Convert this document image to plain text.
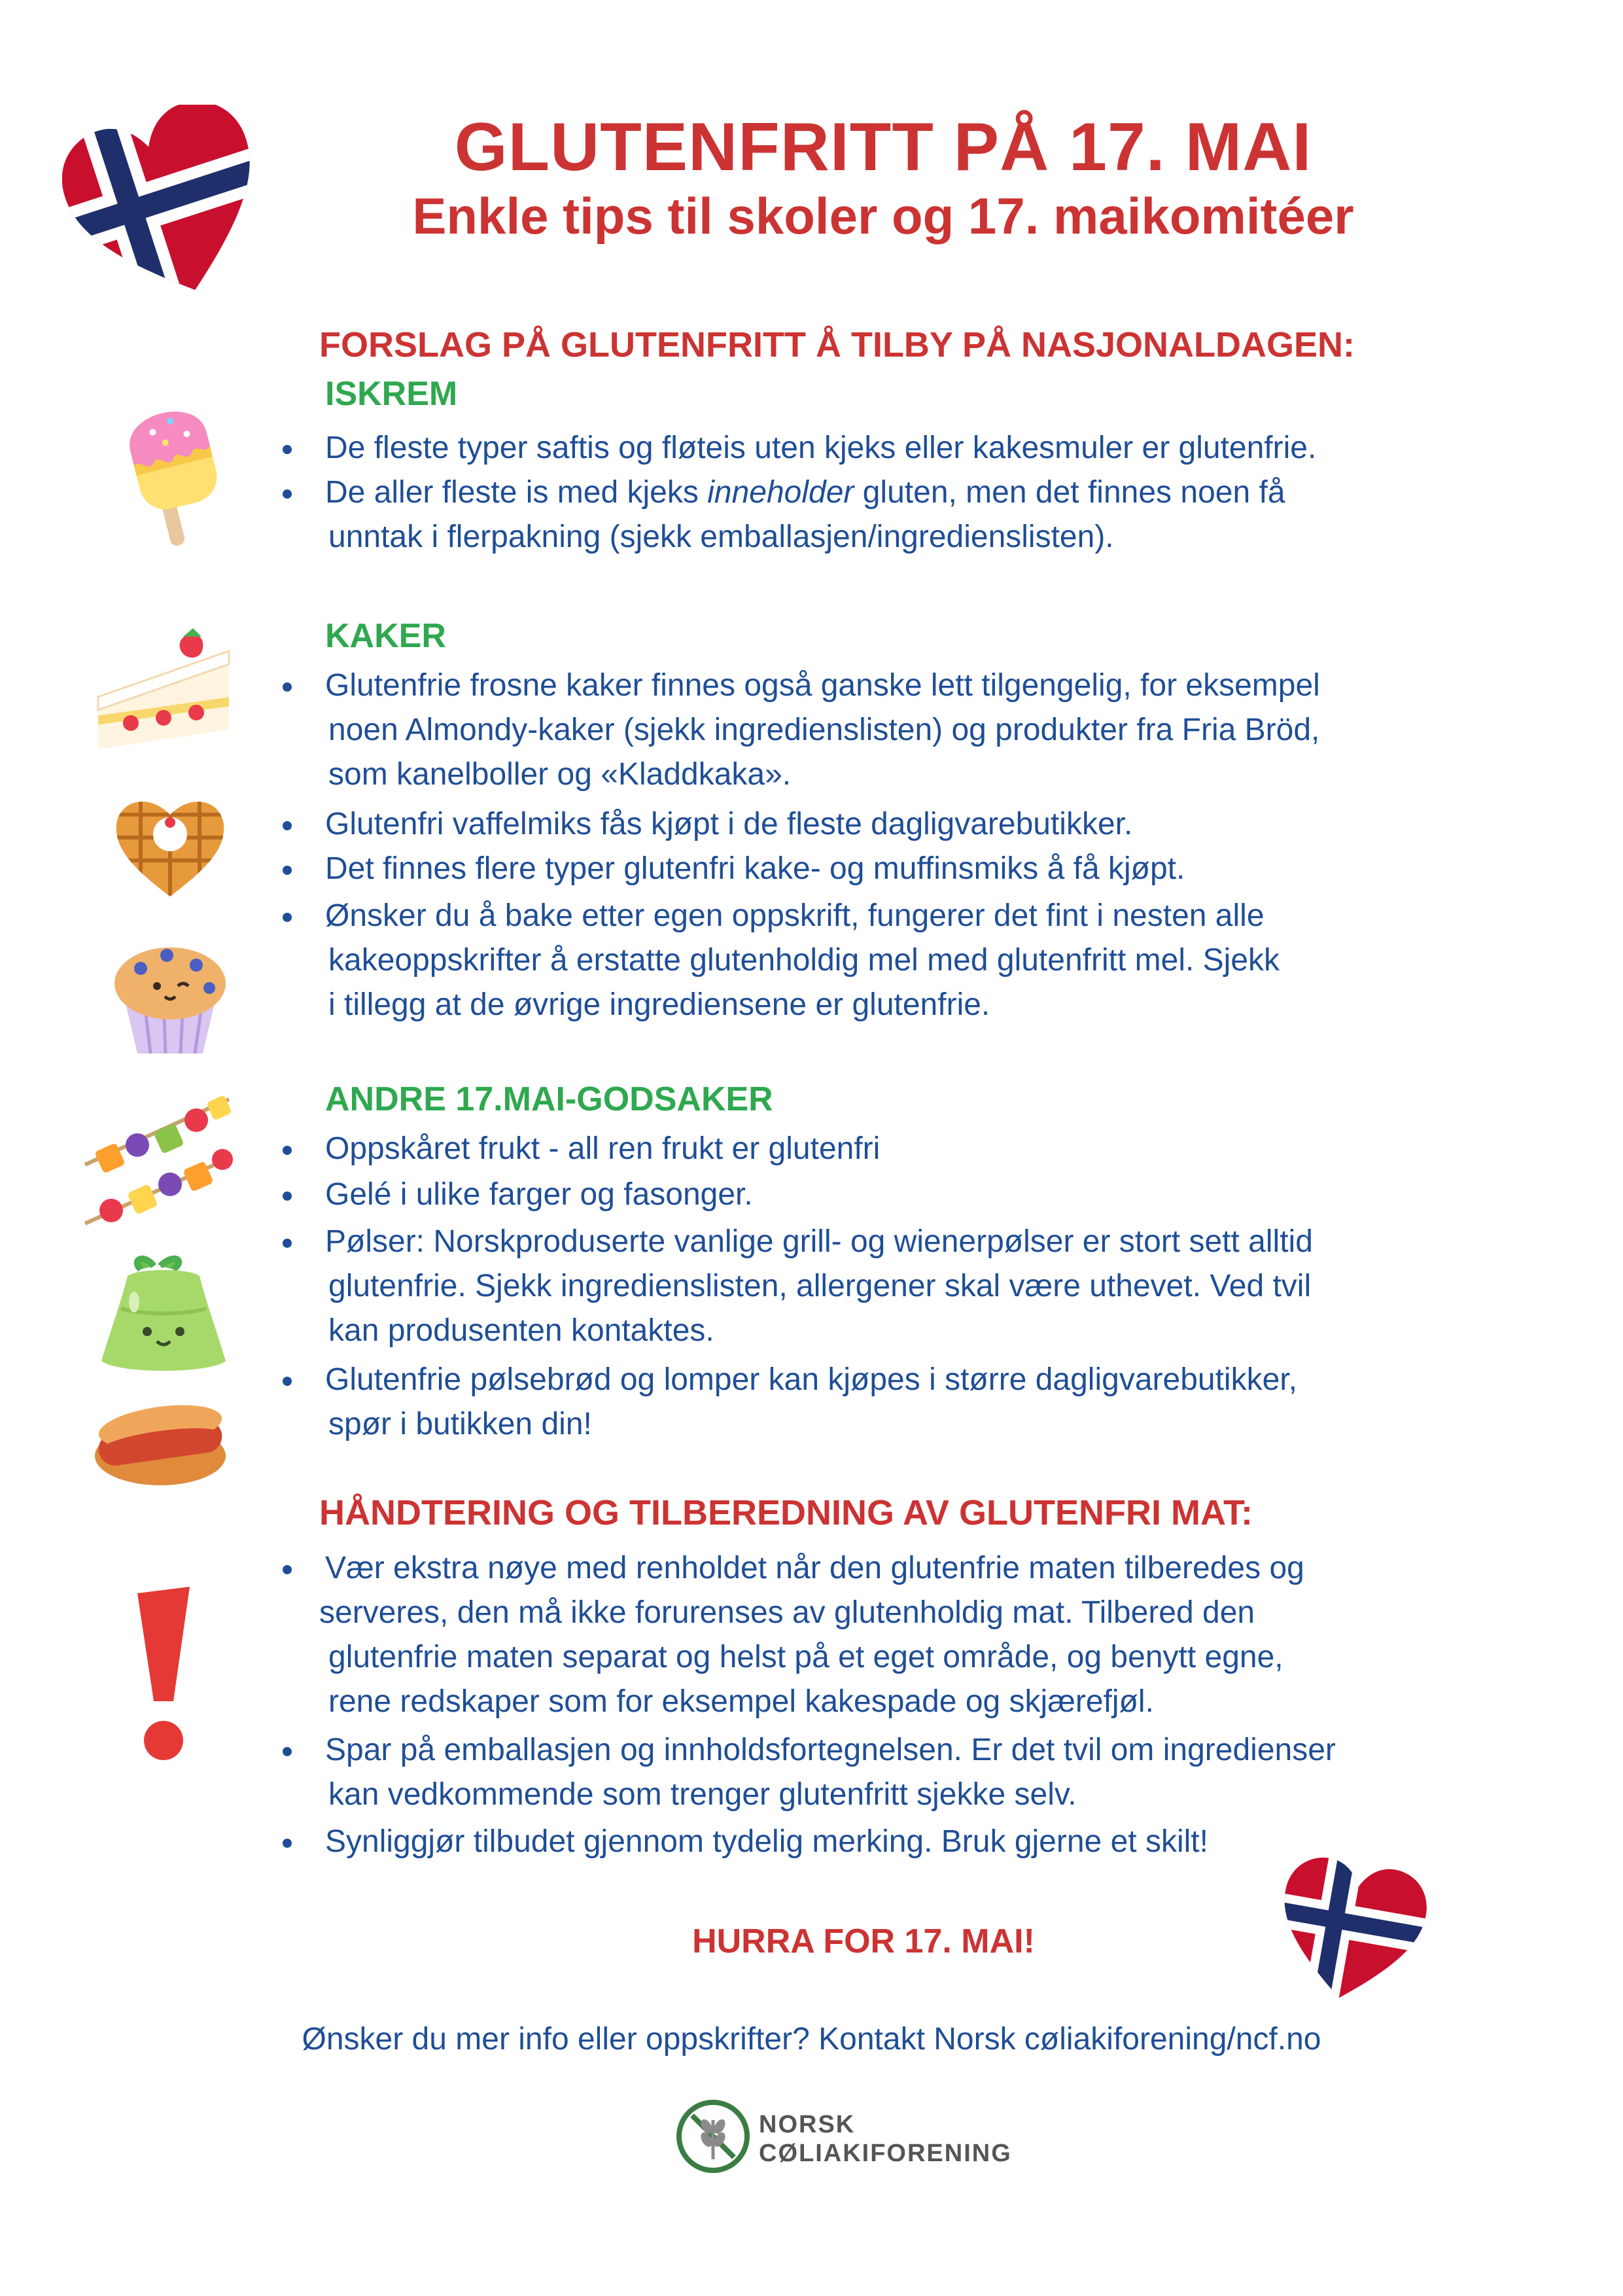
GLUTENFRITT PÅ 17. MAI
Enkle tips til skoler og 17. maikomitéer
FORSLAG PÅ GLUTENFRITT Å TILBY PÅ NASJONALDAGEN:
ISKREM
De fleste typer saftis og fløteis uten kjeks eller kakesmuler er glutenfrie.
De aller fleste is med kjeks inneholder gluten, men det finnes noen få
unntak i flerpakning (sjekk emballasjen/ingredienslisten).
KAKER
Glutenfrie frosne kaker finnes også ganske lett tilgengelig, for eksempel
noen Almondy-kaker (sjekk ingredienslisten) og produkter fra Fria Bröd,
som kanelboller og «Kladdkaka».
Glutenfri vaffelmiks fås kjøpt i de fleste dagligvarebutikker.
Det finnes flere typer glutenfri kake- og muffinsmiks å få kjøpt.
Ønsker du å bake etter egen oppskrift, fungerer det fint i nesten alle
kakeoppskrifter å erstatte glutenholdig mel med glutenfritt mel. Sjekk
i tillegg at de øvrige ingrediensene er glutenfrie.
ANDRE 17.MAI-GODSAKER
Oppskåret frukt - all ren frukt er glutenfri
Gelé i ulike farger og fasonger.
Pølser: Norskproduserte vanlige grill- og wienerpølser er stort sett alltid
glutenfrie. Sjekk ingredienslisten, allergener skal være uthevet. Ved tvil
kan produsenten kontaktes.
Glutenfrie pølsebrød og lomper kan kjøpes i større dagligvarebutikker,
spør i butikken din!
HÅNDTERING OG TILBEREDNING AV GLUTENFRI MAT:
Vær ekstra nøye med renholdet når den glutenfrie maten tilberedes og
serveres, den må ikke forurenses av glutenholdig mat. Tilbered den
glutenfrie maten separat og helst på et eget område, og benytt egne,
rene redskaper som for eksempel kakespade og skjærefjøl.
Spar på emballasjen og innholdsfortegnelsen. Er det tvil om ingredienser
kan vedkommende som trenger glutenfritt sjekke selv.
Synliggjør tilbudet gjennom tydelig merking. Bruk gjerne et skilt!
HURRA FOR 17. MAI!
Ønsker du mer info eller oppskrifter? Kontakt Norsk cøliakiforening/ncf.no
NORSK
CØLIAKIFORENING
